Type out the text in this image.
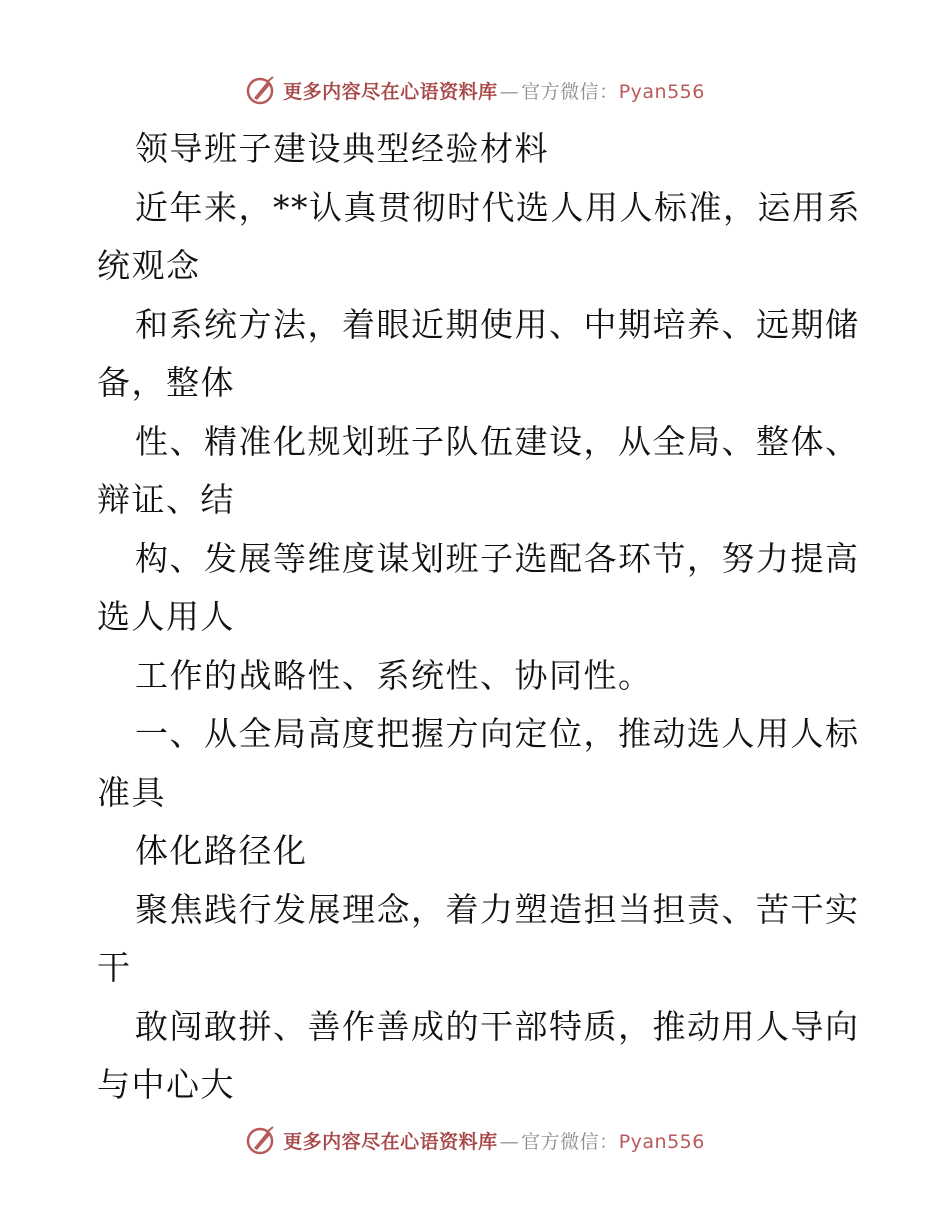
更多内容尽在心语资料库 — 官方微信：Pyan556
领导班子建设典型经验材料
近年来，**认真贯彻时代选人用人标准，运用系
统观念
和系统方法，着眼近期使用、中期培养、远期储
备，整体
性、精准化规划班子队伍建设，从全局、整体、
辩证、结
构、发展等维度谋划班子选配各环节，努力提高
选人用人
工作的战略性、系统性、协同性。
一、从全局高度把握方向定位，推动选人用人标
准具
体化路径化
聚焦践行发展理念，着力塑造担当担责、苦干实
干
敢闯敢拼、善作善成的干部特质，推动用人导向
与中心大
更多内容尽在心语资料库 — 官方微信：Pyan556
